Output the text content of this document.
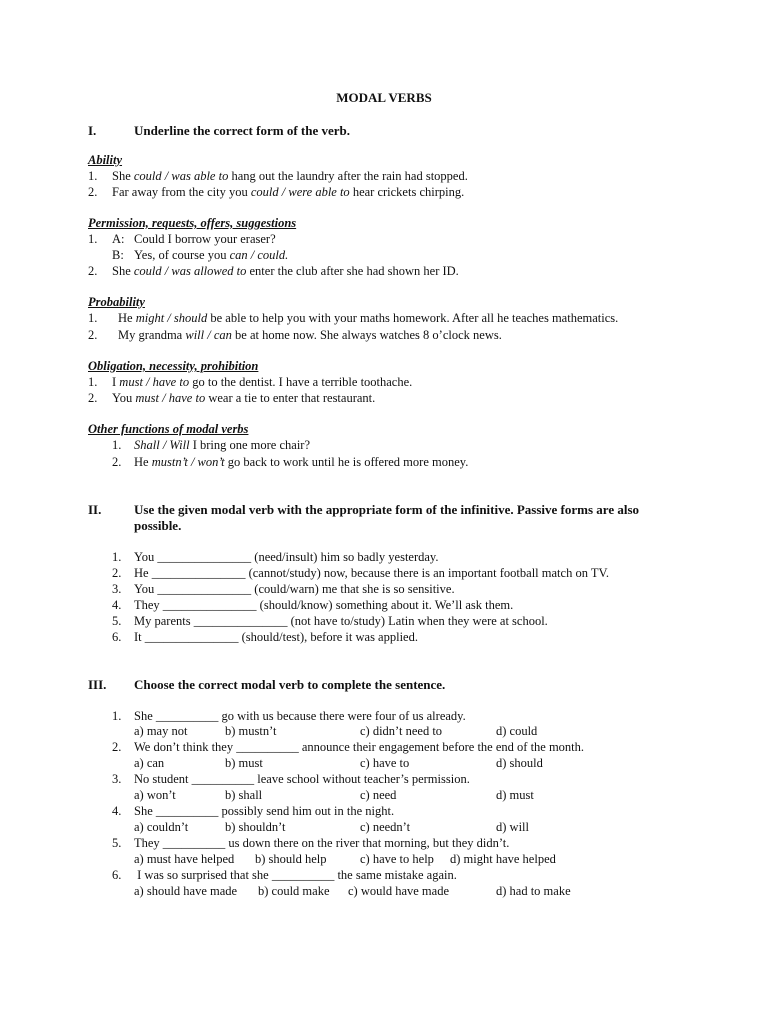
MODAL VERBS
I.	Underline the correct form of the verb.
Ability
1. She could / was able to hang out the laundry after the rain had stopped.
2. Far away from the city you could / were able to hear crickets chirping.
Permission, requests, offers, suggestions
1. A: Could I borrow your eraser?
B: Yes, of course you can / could.
2. She could / was allowed to enter the club after she had shown her ID.
Probability
1. He might / should be able to help you with your maths homework. After all he teaches mathematics.
2. My grandma will / can be at home now. She always watches 8 o’clock news.
Obligation, necessity, prohibition
1. I must / have to go to the dentist. I have a terrible toothache.
2. You must / have to wear a tie to enter that restaurant.
Other functions of modal verbs
1. Shall / Will I bring one more chair?
2. He mustn’t / won’t go back to work until he is offered more money.
II.	Use the given modal verb with the appropriate form of the infinitive. Passive forms are also possible.
1. You _______________ (need/insult) him so badly yesterday.
2. He _______________ (cannot/study) now, because there is an important football match on TV.
3. You _______________ (could/warn) me that she is so sensitive.
4. They _______________ (should/know) something about it. We’ll ask them.
5. My parents _______________ (not have to/study) Latin when they were at school.
6. It _______________ (should/test), before it was applied.
III. Choose the correct modal verb to complete the sentence.
1. She __________ go with us because there were four of us already.
a) may not	b) mustn’t	c) didn’t need to	d) could
2. We don’t think they __________ announce their engagement before the end of the month.
a) can	b) must	c) have to	d) should
3. No student __________ leave school without teacher’s permission.
a) won’t	b) shall	c) need	d) must
4. She __________ possibly send him out in the night.
a) couldn’t	b) shouldn’t	c) needn’t	d) will
5. They __________ us down there on the river that morning, but they didn’t.
a) must have helped b) should help	c) have to help d) might have helped
6. I was so surprised that she __________ the same mistake again.
a) should have made b) could make c) would have made	d) had to make
